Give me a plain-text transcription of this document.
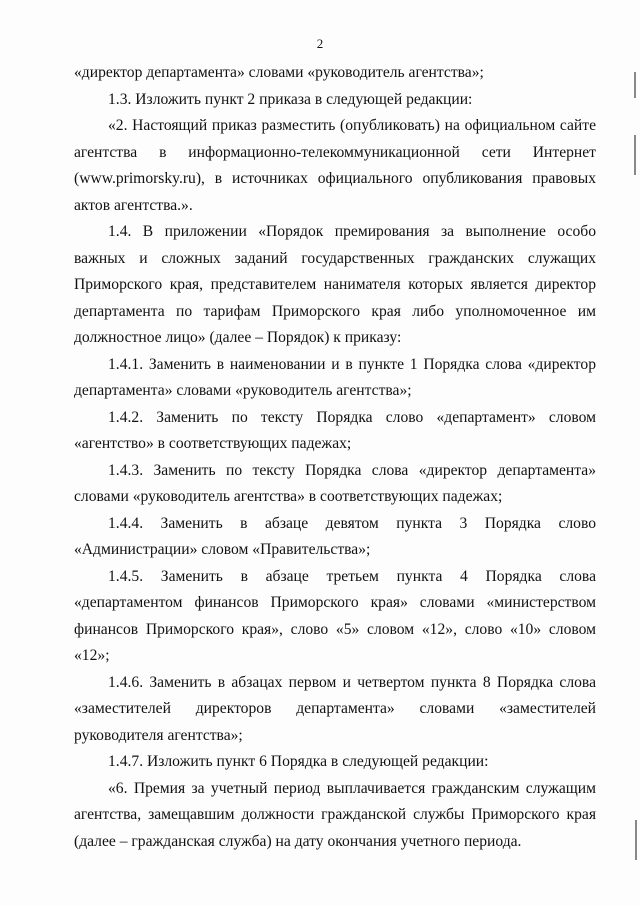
2

«директор департамента» словами «руководитель агентства»;

1.3. Изложить пункт 2 приказа в следующей редакции:

«2. Настоящий приказ разместить (опубликовать) на официальном сайте агентства в информационно-телекоммуникационной сети Интернет (www.primorsky.ru), в источниках официального опубликования правовых актов агентства.».

1.4. В приложении «Порядок премирования за выполнение особо важных и сложных заданий государственных гражданских служащих Приморского края, представителем нанимателя которых является директор департамента по тарифам Приморского края либо уполномоченное им должностное лицо» (далее – Порядок) к приказу:

1.4.1. Заменить в наименовании и в пункте 1 Порядка слова «директор департамента» словами «руководитель агентства»;

1.4.2. Заменить по тексту Порядка слово «департамент» словом «агентство» в соответствующих падежах;

1.4.3. Заменить по тексту Порядка слова «директор департамента» словами «руководитель агентства» в соответствующих падежах;

1.4.4. Заменить в абзаце девятом пункта 3 Порядка слово «Администрации» словом «Правительства»;

1.4.5. Заменить в абзаце третьем пункта 4 Порядка слова «департаментом финансов Приморского края» словами «министерством финансов Приморского края», слово «5» словом «12», слово «10» словом «12»;

1.4.6. Заменить в абзацах первом и четвертом пункта 8 Порядка слова «заместителей директоров департамента» словами «заместителей руководителя агентства»;

1.4.7. Изложить пункт 6 Порядка в следующей редакции:

«6. Премия за учетный период выплачивается гражданским служащим агентства, замещавшим должности гражданской службы Приморского края (далее – гражданская служба) на дату окончания учетного периода.
